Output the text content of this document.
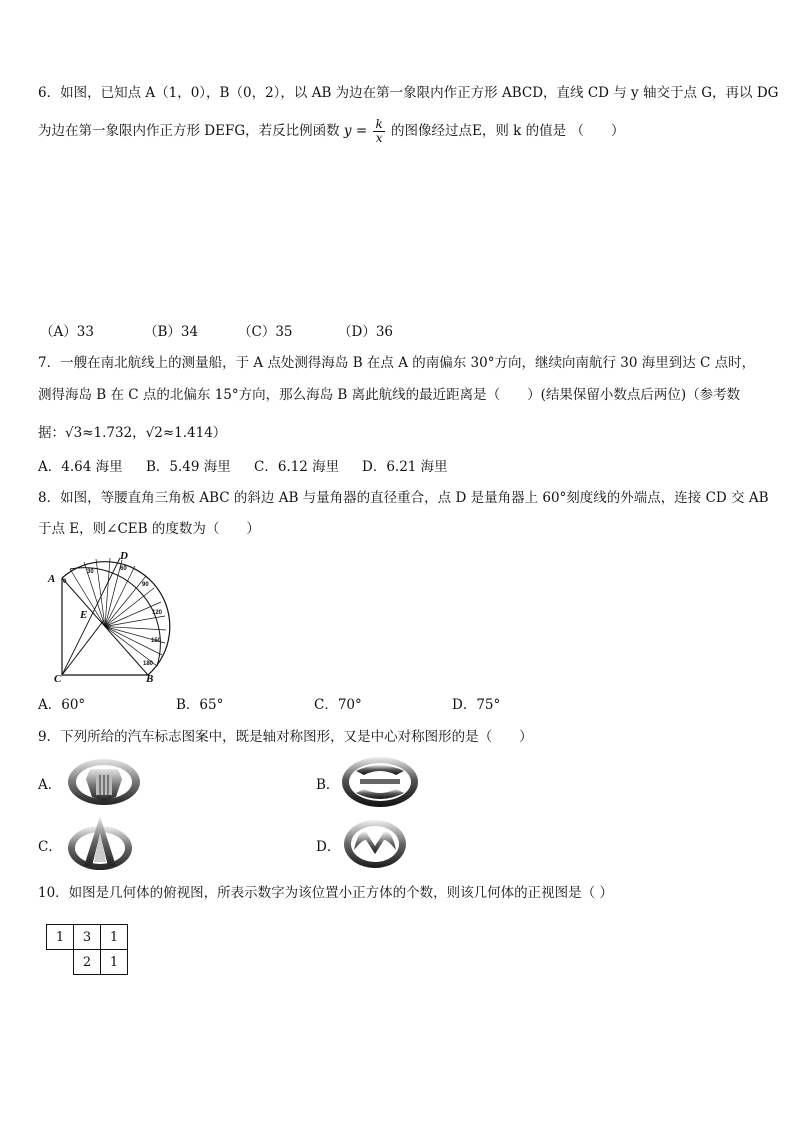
6．如图，已知点 A（1，0），B（0，2），以 AB 为边在第一象限内作正方形 ABCD，直线 CD 与 y 轴交于点 G，再以 DG
为边在第一象限内作正方形 DEFG，若反比例函数 $y = \frac{k}{x}$ 的图像经过点E，则 k 的值是 （　　）
（A）33	（B）34	（C）35	（D）36
7．一艘在南北航线上的测量船，于 A 点处测得海岛 B 在点 A 的南偏东 30°方向，继续向南航行 30 海里到达 C 点时，
测得海岛 B 在 C 点的北偏东 15°方向，那么海岛 B 离此航线的最近距离是（　　）(结果保留小数点后两位)（参考数
据：√3≈1.732，√2≈1.414）
A．4.64 海里 B．5.49 海里 C．6.12 海里 D．6.21 海里
8．如图，等腰直角三角板 ABC 的斜边 AB 与量角器的直径重合，点 D 是量角器上 60°刻度线的外端点，连接 CD 交 AB
于点 E，则∠CEB 的度数为（　　）
0
30	60
90
120
150
180
A
D
E
C	B
A．60°	B．65°	C．70°	D．75°
9．下列所给的汽车标志图案中，既是轴对称图形，又是中心对称图形的是（　　）
A．	B．
C．	D．
10．如图是几何体的俯视图，所表示数字为该位置小正方体的个数，则该几何体的正视图是（ ）
1	3	1
	2	1
